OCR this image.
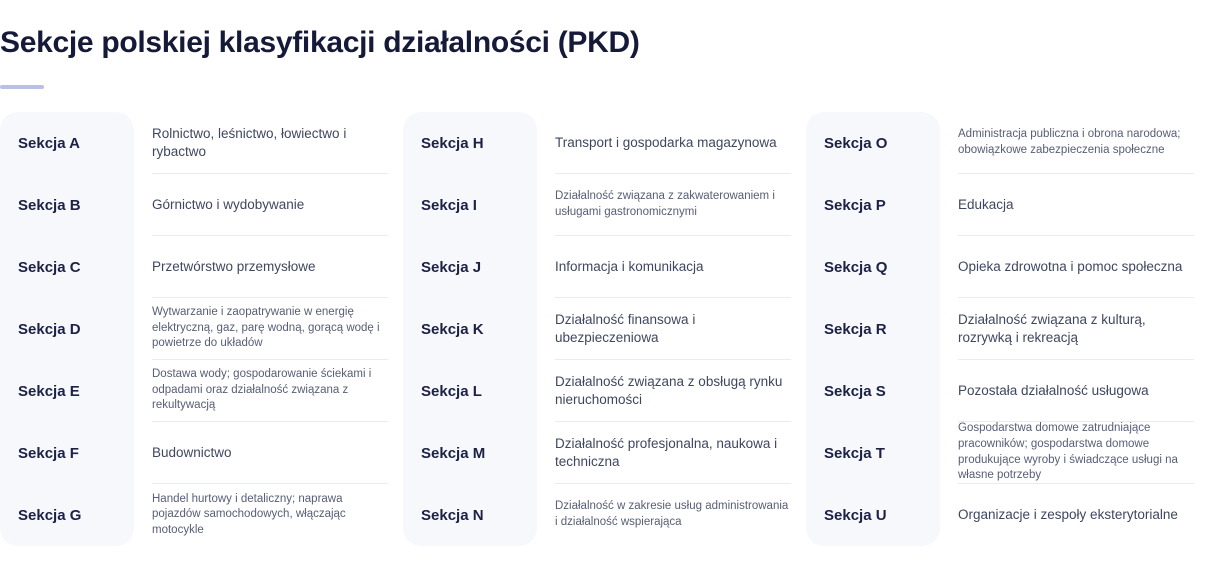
Sekcje polskiej klasyfikacji działalności (PKD)
Sekcja A
Sekcja B
Sekcja C
Sekcja D
Sekcja E
Sekcja F
Sekcja G
Rolnictwo, leśnictwo, łowiectwo i rybactwo
Górnictwo i wydobywanie
Przetwórstwo przemysłowe
Wytwarzanie i zaopatrywanie w energię elektryczną, gaz, parę wodną, gorącą wodę i powietrze do układów
Dostawa wody; gospodarowanie ściekami i odpadami oraz działalność związana z rekultywacją
Budownictwo
Handel hurtowy i detaliczny; naprawa pojazdów samochodowych, włączając motocykle
Sekcja H
Sekcja I
Sekcja J
Sekcja K
Sekcja L
Sekcja M
Sekcja N
Transport i gospodarka magazynowa
Działalność związana z zakwaterowaniem i usługami gastronomicznymi
Informacja i komunikacja
Działalność finansowa i ubezpieczeniowa
Działalność związana z obsługą rynku nieruchomości
Działalność profesjonalna, naukowa i techniczna
Działalność w zakresie usług administrowania i działalność wspierająca
Sekcja O
Sekcja P
Sekcja Q
Sekcja R
Sekcja S
Sekcja T
Sekcja U
Administracja publiczna i obrona narodowa; obowiązkowe zabezpieczenia społeczne
Edukacja
Opieka zdrowotna i pomoc społeczna
Działalność związana z kulturą, rozrywką i rekreacją
Pozostała działalność usługowa
Gospodarstwa domowe zatrudniające pracowników; gospodarstwa domowe produkujące wyroby i świadczące usługi na własne potrzeby
Organizacje i zespoły eksterytorialne
